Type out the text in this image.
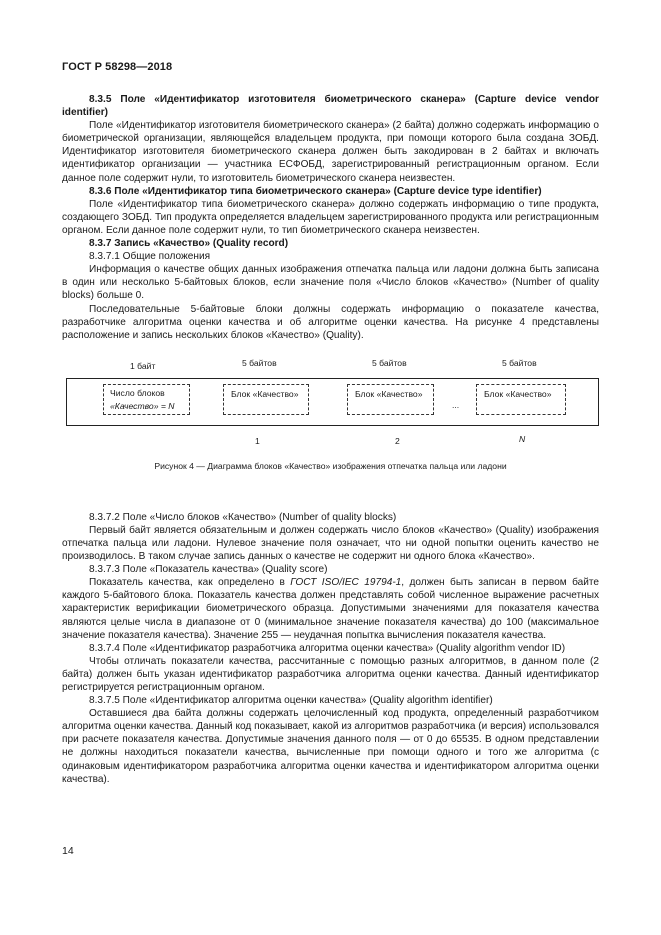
ГОСТ Р 58298—2018

8.3.5 Поле «Идентификатор изготовителя биометрического сканера» (Capture device vendor identifier)

Поле «Идентификатор изготовителя биометрического сканера» (2 байта) должно содержать информацию о биометрической организации, являющейся владельцем продукта, при помощи которого была создана ЗОБД. Идентификатор изготовителя биометрического сканера должен быть закодирован в 2 байтах и включать идентификатор организации — участника ЕСФОБД, зарегистрированный регистрационным органом. Если данное поле содержит нули, то изготовитель биометрического сканера неизвестен.

8.3.6 Поле «Идентификатор типа биометрического сканера» (Capture device type identifier)

Поле «Идентификатор типа биометрического сканера» должно содержать информацию о типе продукта, создающего ЗОБД. Тип продукта определяется владельцем зарегистрированного продукта или регистрационным органом. Если данное поле содержит нули, то тип биометрического сканера неизвестен.

8.3.7 Запись «Качество» (Quality record)

8.3.7.1 Общие положения

Информация о качестве общих данных изображения отпечатка пальца или ладони должна быть записана в один или несколько 5-байтовых блоков, если значение поля «Число блоков «Качество» (Number of quality blocks) больше 0.

Последовательные 5-байтовые блоки должны содержать информацию о показателе качества, разработчике алгоритма оценки качества и об алгоритме оценки качества. На рисунке 4 представлены расположение и запись нескольких блоков «Качество» (Quality).

1 байт	5 байтов	5 байтов	5 байтов
Число блоков
«Качество» = N
Блок «Качество»	Блок «Качество»
...
Блок «Качество»
1	2	N
Рисунок 4 — Диаграмма блоков «Качество» изображения отпечатка пальца или ладони

8.3.7.2 Поле «Число блоков «Качество» (Number of quality blocks)

Первый байт является обязательным и должен содержать число блоков «Качество» (Quality) изображения отпечатка пальца или ладони. Нулевое значение поля означает, что ни одной попытки оценить качество не производилось. В таком случае запись данных о качестве не содержит ни одного блока «Качество».

8.3.7.3 Поле «Показатель качества» (Quality score)

Показатель качества, как определено в ГОСТ ISO/IEC 19794-1, должен быть записан в первом байте каждого 5-байтового блока. Показатель качества должен представлять собой численное выражение расчетных характеристик верификации биометрического образца. Допустимыми значениями для показателя качества являются целые числа в диапазоне от 0 (минимальное значение показателя качества) до 100 (максимальное значение показателя качества). Значение 255 — неудачная попытка вычисления показателя качества.

8.3.7.4 Поле «Идентификатор разработчика алгоритма оценки качества» (Quality algorithm vendor ID)

Чтобы отличать показатели качества, рассчитанные с помощью разных алгоритмов, в данном поле (2 байта) должен быть указан идентификатор разработчика алгоритма оценки качества. Данный идентификатор регистрируется регистрационным органом.

8.3.7.5 Поле «Идентификатор алгоритма оценки качества» (Quality algorithm identifier)

Оставшиеся два байта должны содержать целочисленный код продукта, определенный разработчиком алгоритма оценки качества. Данный код показывает, какой из алгоритмов разработчика (и версия) использовался при расчете показателя качества. Допустимые значения данного поля — от 0 до 65535. В одном представлении не должны находиться показатели качества, вычисленные при помощи одного и того же алгоритма (с одинаковым идентификатором разработчика алгоритма оценки качества и идентификатором алгоритма оценки качества).

14
